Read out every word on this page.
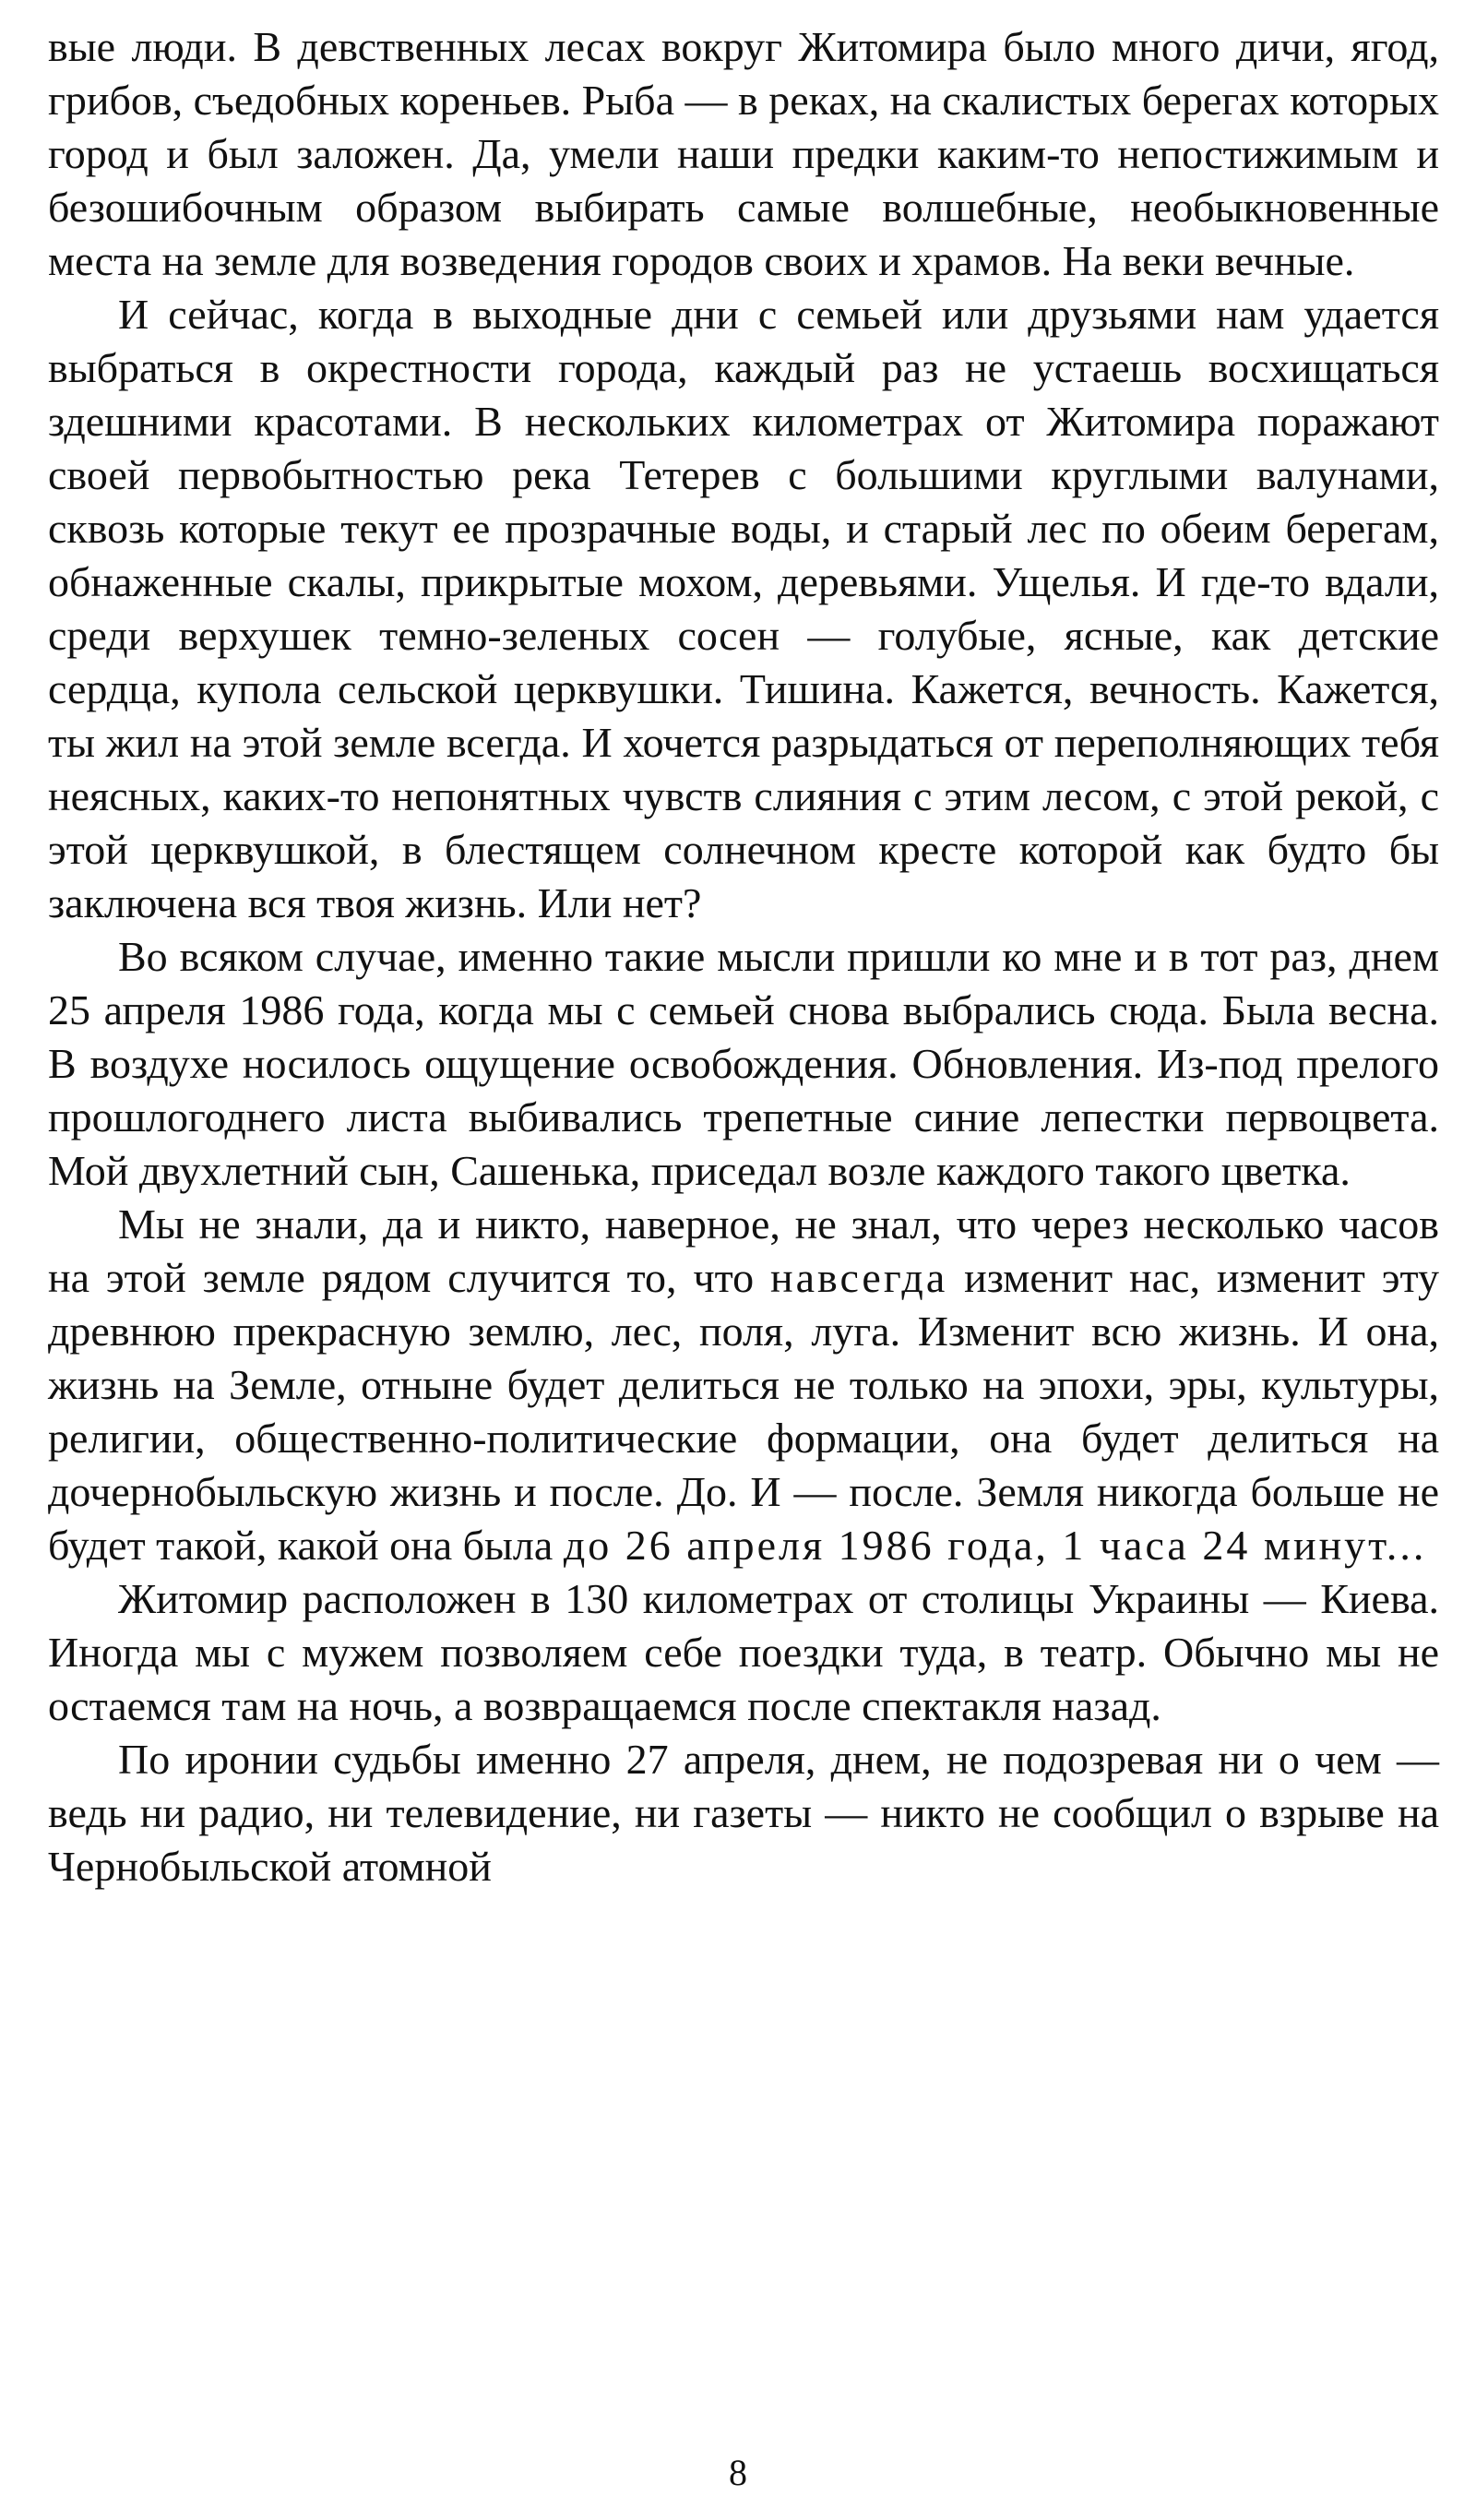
вые люди. В девственных лесах вокруг Житомира было много дичи, ягод, грибов, съедобных кореньев. Рыба — в реках, на скалистых берегах которых город и был заложен. Да, умели наши предки каким-то непостижимым и безошибочным образом выбирать самые волшебные, необыкновенные места на земле для возведения городов своих и храмов. На веки вечные.

И сейчас, когда в выходные дни с семьей или друзьями нам удается выбраться в окрестности города, каждый раз не устаешь восхищаться здешними красотами. В нескольких километрах от Житомира поражают своей первобытностью река Тетерев с большими круглыми валунами, сквозь которые текут ее прозрачные воды, и старый лес по обеим берегам, обнаженные скалы, прикрытые мохом, деревьями. Ущелья. И где-то вдали, среди верхушек темно-зеленых сосен — голубые, ясные, как детские сердца, купола сельской церквушки. Тишина. Кажется, вечность. Кажется, ты жил на этой земле всегда. И хочется разрыдаться от переполняющих тебя неясных, каких-то непонятных чувств слияния с этим лесом, с этой рекой, с этой церквушкой, в блестящем солнечном кресте которой как будто бы заключена вся твоя жизнь. Или нет?

Во всяком случае, именно такие мысли пришли ко мне и в тот раз, днем 25 апреля 1986 года, когда мы с семьей снова выбрались сюда. Была весна. В воздухе носилось ощущение освобождения. Обновления. Из-под прелого прошлогоднего листа выбивались трепетные синие лепестки первоцвета. Мой двухлетний сын, Сашенька, приседал возле каждого такого цветка.

Мы не знали, да и никто, наверное, не знал, что через несколько часов на этой земле рядом случится то, что навсегда изменит нас, изменит эту древнюю прекрасную землю, лес, поля, луга. Изменит всю жизнь. И она, жизнь на Земле, отныне будет делиться не только на эпохи, эры, культуры, религии, общественно-политические формации, она будет делиться на дочернобыльскую жизнь и после. До. И — после. Земля никогда больше не будет такой, какой она была до 26 апреля 1986 года, 1 часа 24 минут...

Житомир расположен в 130 километрах от столицы Украины — Киева. Иногда мы с мужем позволяем себе поездки туда, в театр. Обычно мы не остаемся там на ночь, а возвращаемся после спектакля назад.

По иронии судьбы именно 27 апреля, днем, не подозревая ни о чем — ведь ни радио, ни телевидение, ни газеты — никто не сообщил о взрыве на Чернобыльской атомной

8
